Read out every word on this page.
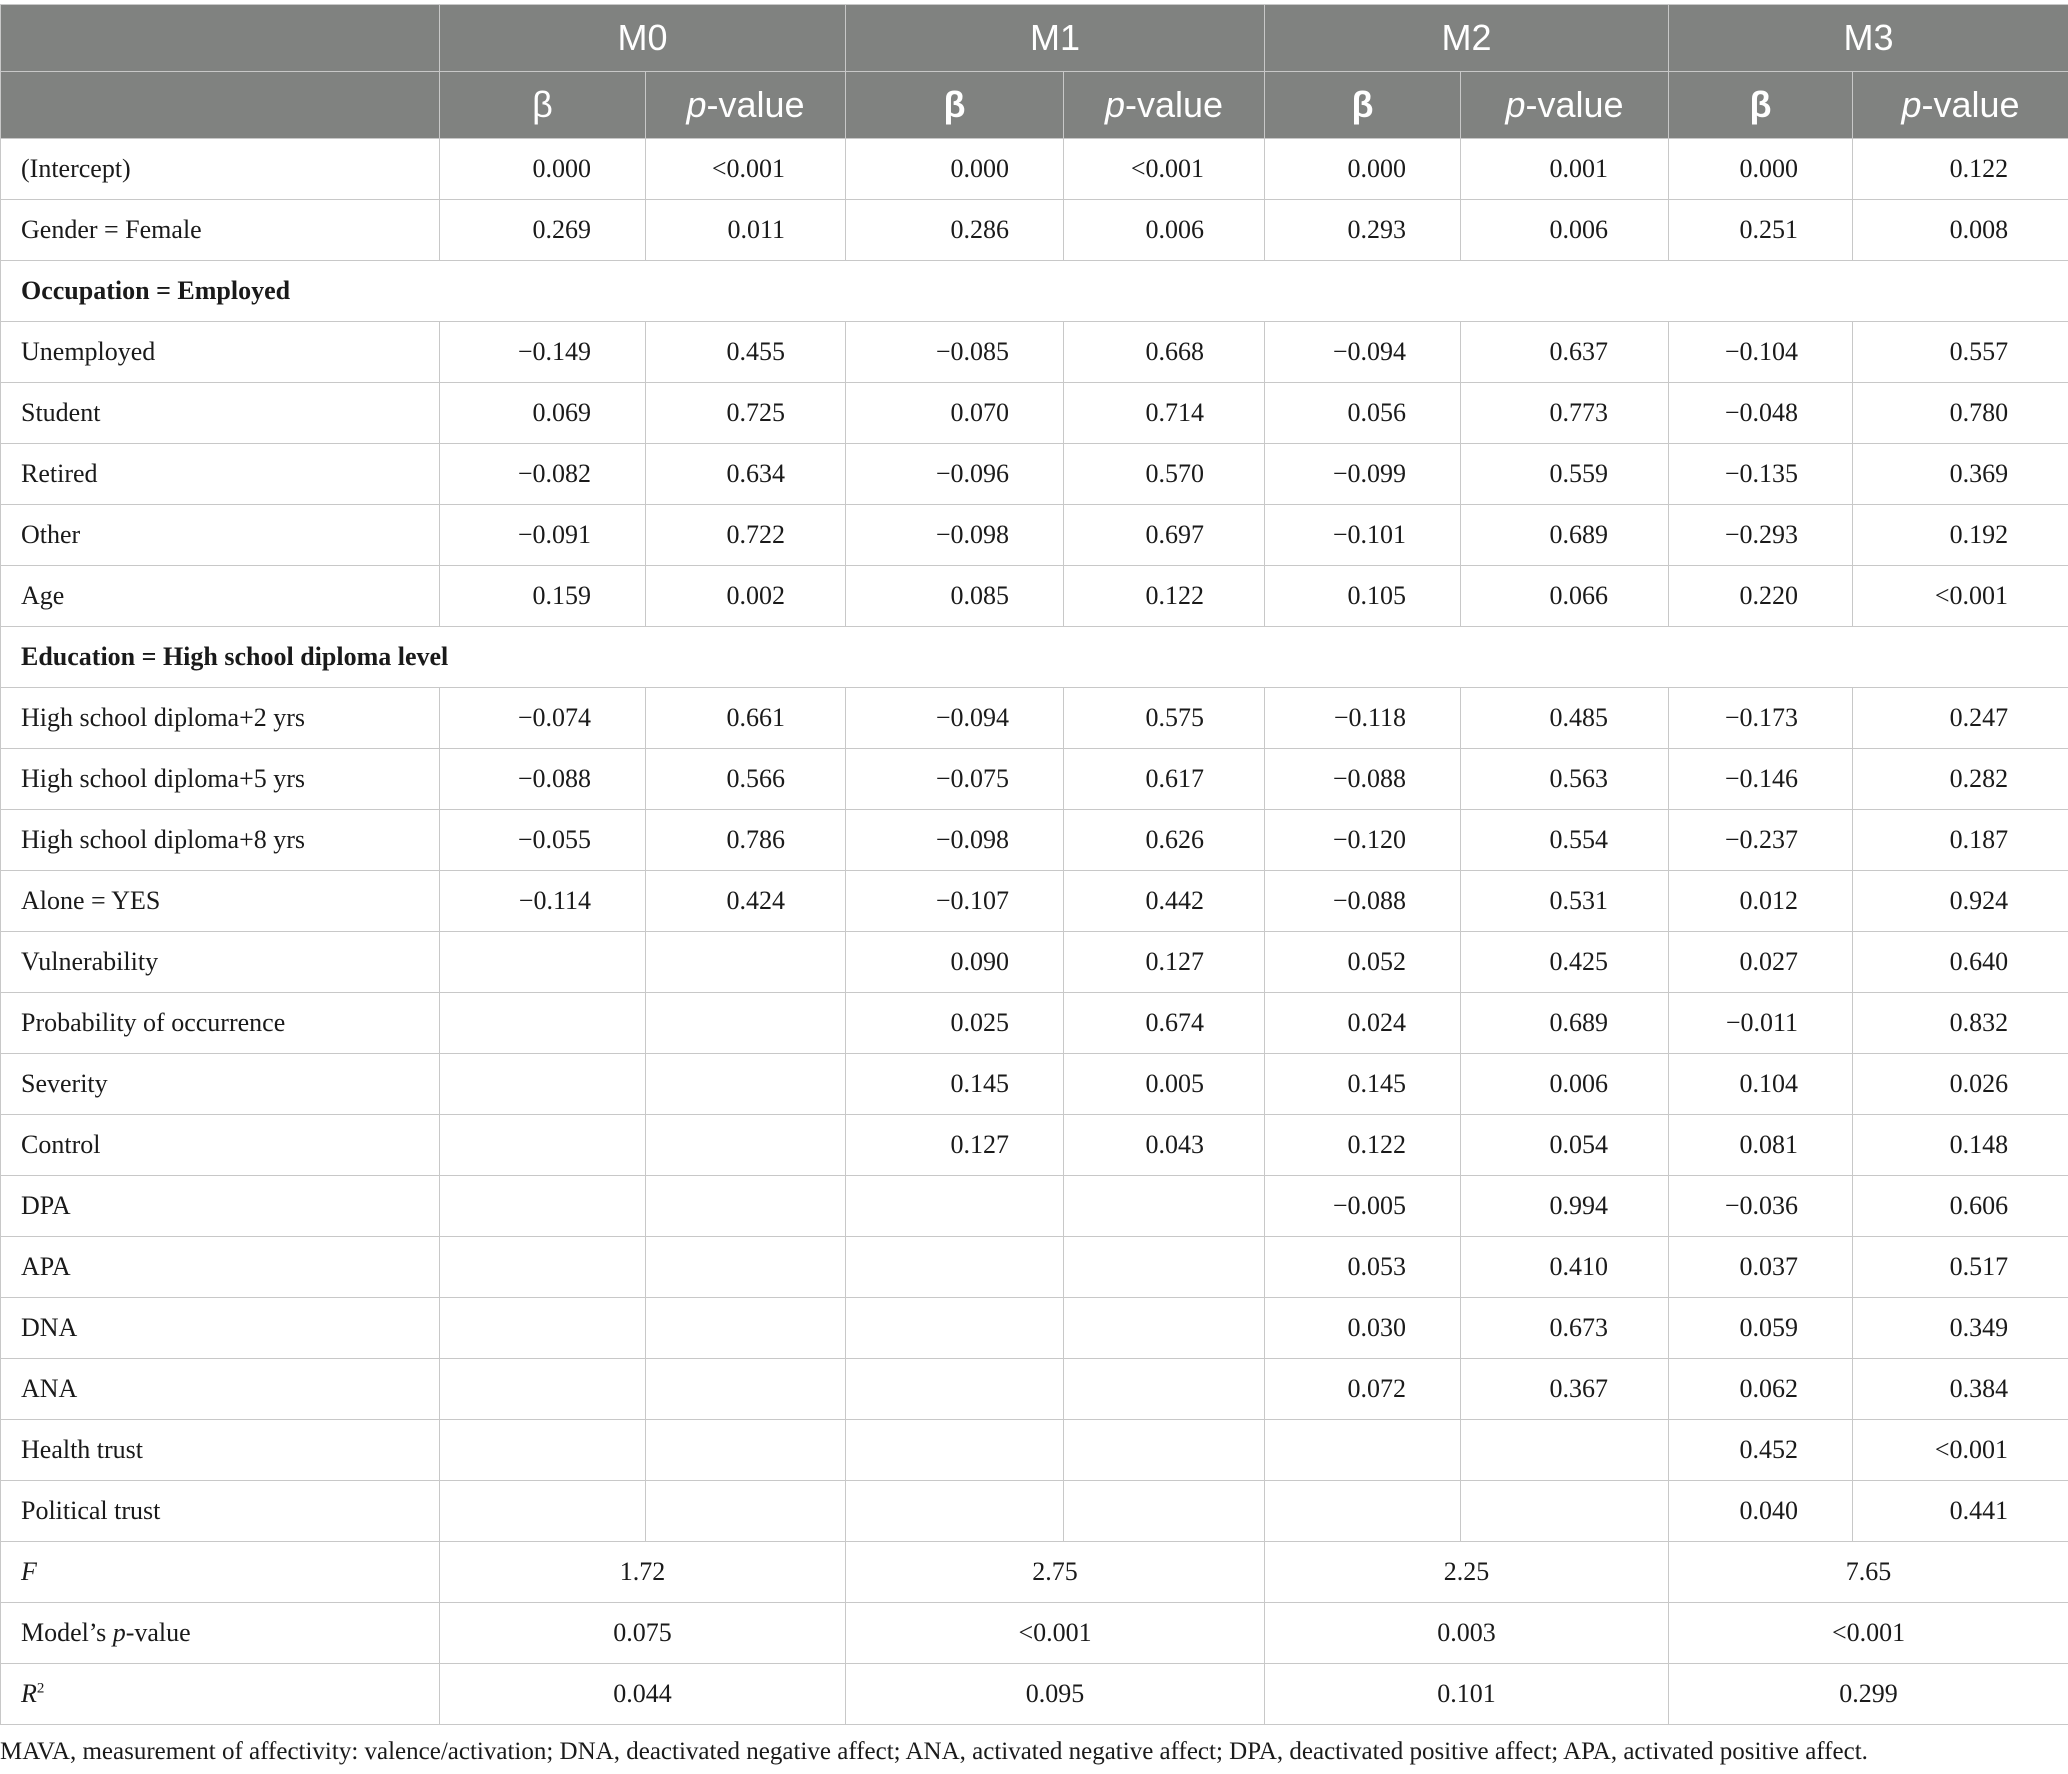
	M0		M1		M2		M3	
	β	p-value	β	p-value	β	p-value	β	p-value
(Intercept)	0.000	<0.001	0.000	<0.001	0.000	0.001	0.000	0.122
Gender = Female	0.269	0.011	0.286	0.006	0.293	0.006	0.251	0.008
Occupation = Employed								
Unemployed	−0.149	0.455	−0.085	0.668	−0.094	0.637	−0.104	0.557
Student	0.069	0.725	0.070	0.714	0.056	0.773	−0.048	0.780
Retired	−0.082	0.634	−0.096	0.570	−0.099	0.559	−0.135	0.369
Other	−0.091	0.722	−0.098	0.697	−0.101	0.689	−0.293	0.192
Age	0.159	0.002	0.085	0.122	0.105	0.066	0.220	<0.001
Education = High school diploma level								
High school diploma+2 yrs	−0.074	0.661	−0.094	0.575	−0.118	0.485	−0.173	0.247
High school diploma+5 yrs	−0.088	0.566	−0.075	0.617	−0.088	0.563	−0.146	0.282
High school diploma+8 yrs	−0.055	0.786	−0.098	0.626	−0.120	0.554	−0.237	0.187
Alone = YES	−0.114	0.424	−0.107	0.442	−0.088	0.531	0.012	0.924
Vulnerability			0.090	0.127	0.052	0.425	0.027	0.640
Probability of occurrence			0.025	0.674	0.024	0.689	−0.011	0.832
Severity			0.145	0.005	0.145	0.006	0.104	0.026
Control			0.127	0.043	0.122	0.054	0.081	0.148
DPA					−0.005	0.994	−0.036	0.606
APA					0.053	0.410	0.037	0.517
DNA					0.030	0.673	0.059	0.349
ANA					0.072	0.367	0.062	0.384
Health trust							0.452	<0.001
Political trust							0.040	0.441
F	1.72		2.75		2.25		7.65	
Model’s p-value	0.075		<0.001		0.003		<0.001	
$R^2$	0.044		0.095		0.101		0.299	
MAVA, measurement of affectivity: valence/activation; DNA, deactivated negative affect; ANA, activated negative affect; DPA, deactivated positive affect; APA, activated positive affect.
